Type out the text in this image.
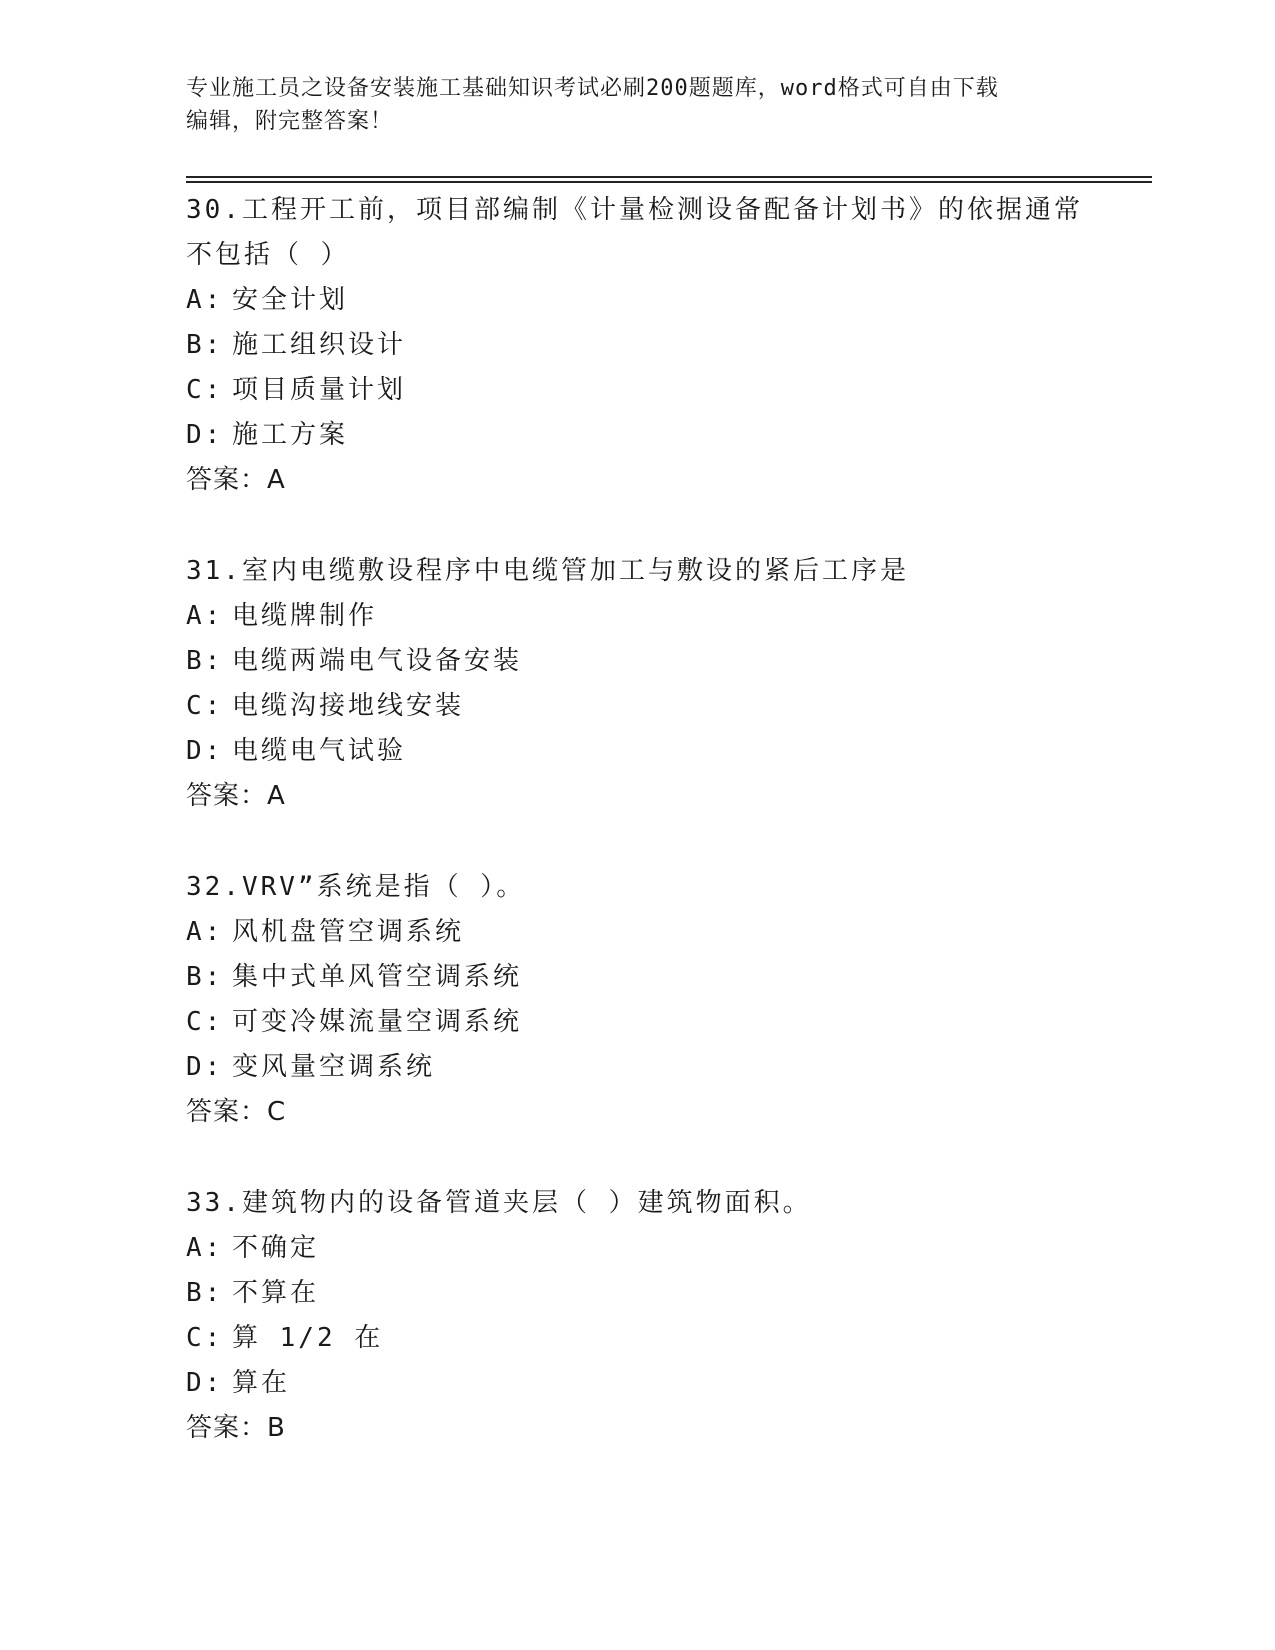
专业施工员之设备安装施工基础知识考试必刷200题题库，word格式可自由下载
编辑，附完整答案！
30.工程开工前，项目部编制《计量检测设备配备计划书》的依据通常
不包括（ ）
A: 安全计划
B: 施工组织设计
C: 项目质量计划
D: 施工方案
答案：A
31.室内电缆敷设程序中电缆管加工与敷设的紧后工序是
A: 电缆牌制作
B: 电缆两端电气设备安装
C: 电缆沟接地线安装
D: 电缆电气试验
答案：A
32.VRV”系统是指（ ）。
A: 风机盘管空调系统
B: 集中式单风管空调系统
C: 可变冷媒流量空调系统
D: 变风量空调系统
答案：C
33.建筑物内的设备管道夹层（ ）建筑物面积。
A: 不确定
B: 不算在
C: 算 1/2 在
D: 算在
答案：B
